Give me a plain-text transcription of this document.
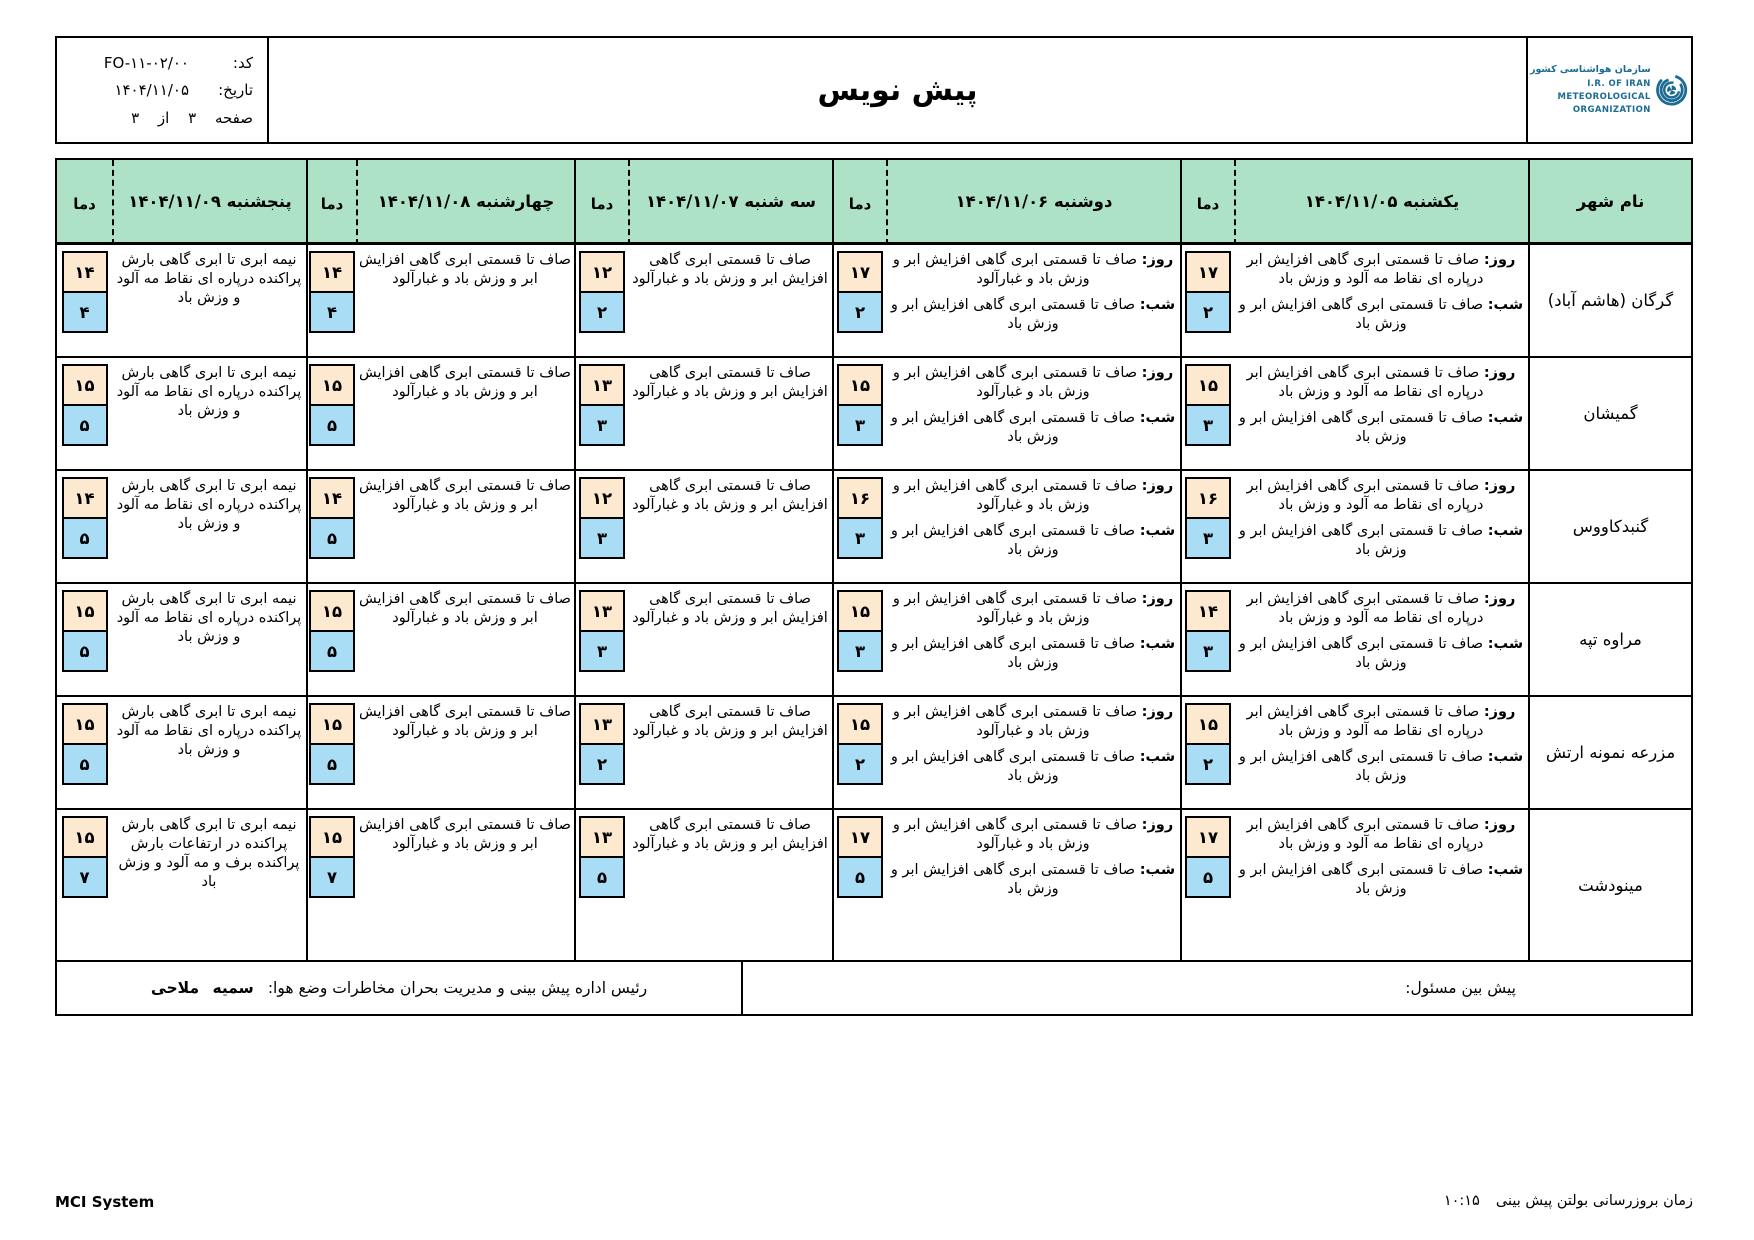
سازمان هواشناسی کشور
I.R. OF IRAN
METEOROLOGICAL
ORGANIZATION
پیش نویس
کد:
FO-۱۱-۰۲/۰۰
تاریخ:
۱۴۰۴/۱۱/۰۵
صفحه ۳ از ۳
نام شهر
یکشنبه ۱۴۰۴/۱۱/۰۵
دما
دوشنبه ۱۴۰۴/۱۱/۰۶
دما
سه شنبه ۱۴۰۴/۱۱/۰۷
دما
چهارشنبه ۱۴۰۴/۱۱/۰۸
دما
پنجشنبه ۱۴۰۴/۱۱/۰۹
دما
گرگان (هاشم آباد)

روز: صاف تا قسمتی ابری گاهی افزایش ابر درپاره ای نقاط مه آلود و وزش باد

شب: صاف تا قسمتی ابری گاهی افزایش ابر و وزش باد

۱۷
۲

روز: صاف تا قسمتی ابری گاهی افزایش ابر و وزش باد و غبارآلود

شب: صاف تا قسمتی ابری گاهی افزایش ابر و وزش باد

۱۷
۲

صاف تا قسمتی ابری گاهی افزایش ابر و وزش باد و غبارآلود

۱۲
۲

صاف تا قسمتی ابری گاهی افزایش ابر و وزش باد و غبارآلود

۱۴
۴

نیمه ابری تا ابری گاهی بارش پراکنده درپاره ای نقاط مه آلود و وزش باد

۱۴
۴
گمیشان

روز: صاف تا قسمتی ابری گاهی افزایش ابر درپاره ای نقاط مه آلود و وزش باد

شب: صاف تا قسمتی ابری گاهی افزایش ابر و وزش باد

۱۵
۳

روز: صاف تا قسمتی ابری گاهی افزایش ابر و وزش باد و غبارآلود

شب: صاف تا قسمتی ابری گاهی افزایش ابر و وزش باد

۱۵
۳

صاف تا قسمتی ابری گاهی افزایش ابر و وزش باد و غبارآلود

۱۳
۳

صاف تا قسمتی ابری گاهی افزایش ابر و وزش باد و غبارآلود

۱۵
۵

نیمه ابری تا ابری گاهی بارش پراکنده درپاره ای نقاط مه آلود و وزش باد

۱۵
۵
گنبدکاووس

روز: صاف تا قسمتی ابری گاهی افزایش ابر درپاره ای نقاط مه آلود و وزش باد

شب: صاف تا قسمتی ابری گاهی افزایش ابر و وزش باد

۱۶
۳

روز: صاف تا قسمتی ابری گاهی افزایش ابر و وزش باد و غبارآلود

شب: صاف تا قسمتی ابری گاهی افزایش ابر و وزش باد

۱۶
۳

صاف تا قسمتی ابری گاهی افزایش ابر و وزش باد و غبارآلود

۱۲
۳

صاف تا قسمتی ابری گاهی افزایش ابر و وزش باد و غبارآلود

۱۴
۵

نیمه ابری تا ابری گاهی بارش پراکنده درپاره ای نقاط مه آلود و وزش باد

۱۴
۵
مراوه تپه

روز: صاف تا قسمتی ابری گاهی افزایش ابر درپاره ای نقاط مه آلود و وزش باد

شب: صاف تا قسمتی ابری گاهی افزایش ابر و وزش باد

۱۴
۳

روز: صاف تا قسمتی ابری گاهی افزایش ابر و وزش باد و غبارآلود

شب: صاف تا قسمتی ابری گاهی افزایش ابر و وزش باد

۱۵
۳

صاف تا قسمتی ابری گاهی افزایش ابر و وزش باد و غبارآلود

۱۳
۳

صاف تا قسمتی ابری گاهی افزایش ابر و وزش باد و غبارآلود

۱۵
۵

نیمه ابری تا ابری گاهی بارش پراکنده درپاره ای نقاط مه آلود و وزش باد

۱۵
۵
مزرعه نمونه ارتش

روز: صاف تا قسمتی ابری گاهی افزایش ابر درپاره ای نقاط مه آلود و وزش باد

شب: صاف تا قسمتی ابری گاهی افزایش ابر و وزش باد

۱۵
۲

روز: صاف تا قسمتی ابری گاهی افزایش ابر و وزش باد و غبارآلود

شب: صاف تا قسمتی ابری گاهی افزایش ابر و وزش باد

۱۵
۲

صاف تا قسمتی ابری گاهی افزایش ابر و وزش باد و غبارآلود

۱۳
۲

صاف تا قسمتی ابری گاهی افزایش ابر و وزش باد و غبارآلود

۱۵
۵

نیمه ابری تا ابری گاهی بارش پراکنده درپاره ای نقاط مه آلود و وزش باد

۱۵
۵
مینودشت

روز: صاف تا قسمتی ابری گاهی افزایش ابر درپاره ای نقاط مه آلود و وزش باد

شب: صاف تا قسمتی ابری گاهی افزایش ابر و وزش باد

۱۷
۵

روز: صاف تا قسمتی ابری گاهی افزایش ابر و وزش باد و غبارآلود

شب: صاف تا قسمتی ابری گاهی افزایش ابر و وزش باد

۱۷
۵

صاف تا قسمتی ابری گاهی افزایش ابر و وزش باد و غبارآلود

۱۳
۵

صاف تا قسمتی ابری گاهی افزایش ابر و وزش باد و غبارآلود

۱۵
۷

نیمه ابری تا ابری گاهی بارش پراکنده در ارتفاعات بارش پراکنده برف و مه آلود و وزش باد

۱۵
۷
پیش بین مسئول:
رئیس اداره پیش بینی و مدیریت بحران مخاطرات وضع هوا:
سمیه ملاحی
MCI System	زمان بروزرسانی بولتن پیش بینی
۱۰:۱۵
